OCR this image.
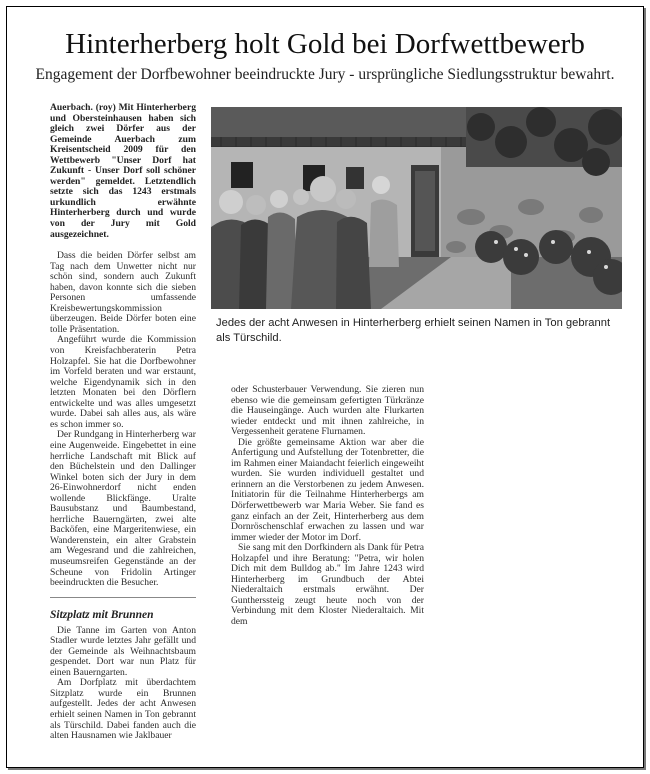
Hinterherberg holt Gold bei Dorfwettbewerb
Engagement der Dorfbewohner beeindruckte Jury - ursprüngliche Siedlungsstruktur bewahrt.

Auerbach. (roy) Mit Hinterherberg und Obersteinhausen haben sich gleich zwei Dörfer aus der Gemeinde Auerbach zum Kreisentscheid 2009 für den Wettbewerb "Unser Dorf hat Zukunft - Unser Dorf soll schöner werden" gemeldet. Letztendlich setzte sich das 1243 erstmals urkundlich erwähnte Hinterherberg durch und wurde von der Jury mit Gold ausgezeichnet.

Dass die beiden Dörfer selbst am Tag nach dem Unwetter nicht nur schön sind, sondern auch Zukunft haben, davon konnte sich die sieben Personen umfassende Kreisbewertungskommission überzeugen. Beide Dörfer boten eine tolle Präsentation.

Angeführt wurde die Kommission von Kreisfachberaterin Petra Holzapfel. Sie hat die Dorfbewohner im Vorfeld beraten und war erstaunt, welche Eigendynamik sich in den letzten Monaten bei den Dörflern entwickelte und was alles umgesetzt wurde. Dabei sah alles aus, als wäre es schon immer so.

Der Rundgang in Hinterherberg war eine Augenweide. Eingebettet in eine herrliche Landschaft mit Blick auf den Büchelstein und den Dallinger Winkel boten sich der Jury in dem 26-Einwohnerdorf nicht enden wollende Blickfänge. Uralte Bausubstanz und Baumbestand, herrliche Bauerngärten, zwei alte Backöfen, eine Margeritenwiese, ein Wanderenstein, ein alter Grabstein am Wegesrand und die zahlreichen, museumsreifen Gegenstände an der Scheune von Fridolin Artinger beeindruckten die Besucher.

Sitzplatz mit Brunnen

Die Tanne im Garten von Anton Stadler wurde letztes Jahr gefällt und der Gemeinde als Weihnachtsbaum gespendet. Dort war nun Platz für einen Bauerngarten.

Am Dorfplatz mit überdachtem Sitzplatz wurde ein Brunnen aufgestellt. Jedes der acht Anwesen erhielt seinen Namen in Ton gebrannt als Türschild. Dabei fanden auch die alten Hausnamen wie Jaklbauer

Jedes der acht Anwesen in Hinterherberg erhielt seinen Namen in Ton gebrannt als Türschild.

oder Schusterbauer Verwendung. Sie zieren nun ebenso wie die gemeinsam gefertigten Türkränze die Hauseingänge. Auch wurden alte Flurkarten wieder entdeckt und mit ihnen zahlreiche, in Vergessenheit geratene Flurnamen.

Die größte gemeinsame Aktion war aber die Anfertigung und Aufstellung der Totenbretter, die im Rahmen einer Maiandacht feierlich eingeweiht wurden. Sie wurden individuell gestaltet und erinnern an die Verstorbenen zu jedem Anwesen. Initiatorin für die Teilnahme Hinterherbergs am Dörferwettbewerb war Maria Weber. Sie fand es ganz einfach an der Zeit, Hinterherberg aus dem Dornröschenschlaf erwachen zu lassen und war immer wieder der Motor im Dorf.

Sie sang mit den Dorfkindern als Dank für Petra Holzapfel und ihre Beratung: "Petra, wir holen Dich mit dem Bulldog ab." Im Jahre 1243 wird Hinterherberg im Grundbuch der Abtei Niederaltaich erstmals erwähnt. Der Guntherssteig zeugt heute noch von der Verbindung mit dem Kloster Niederaltaich. Mit dem
